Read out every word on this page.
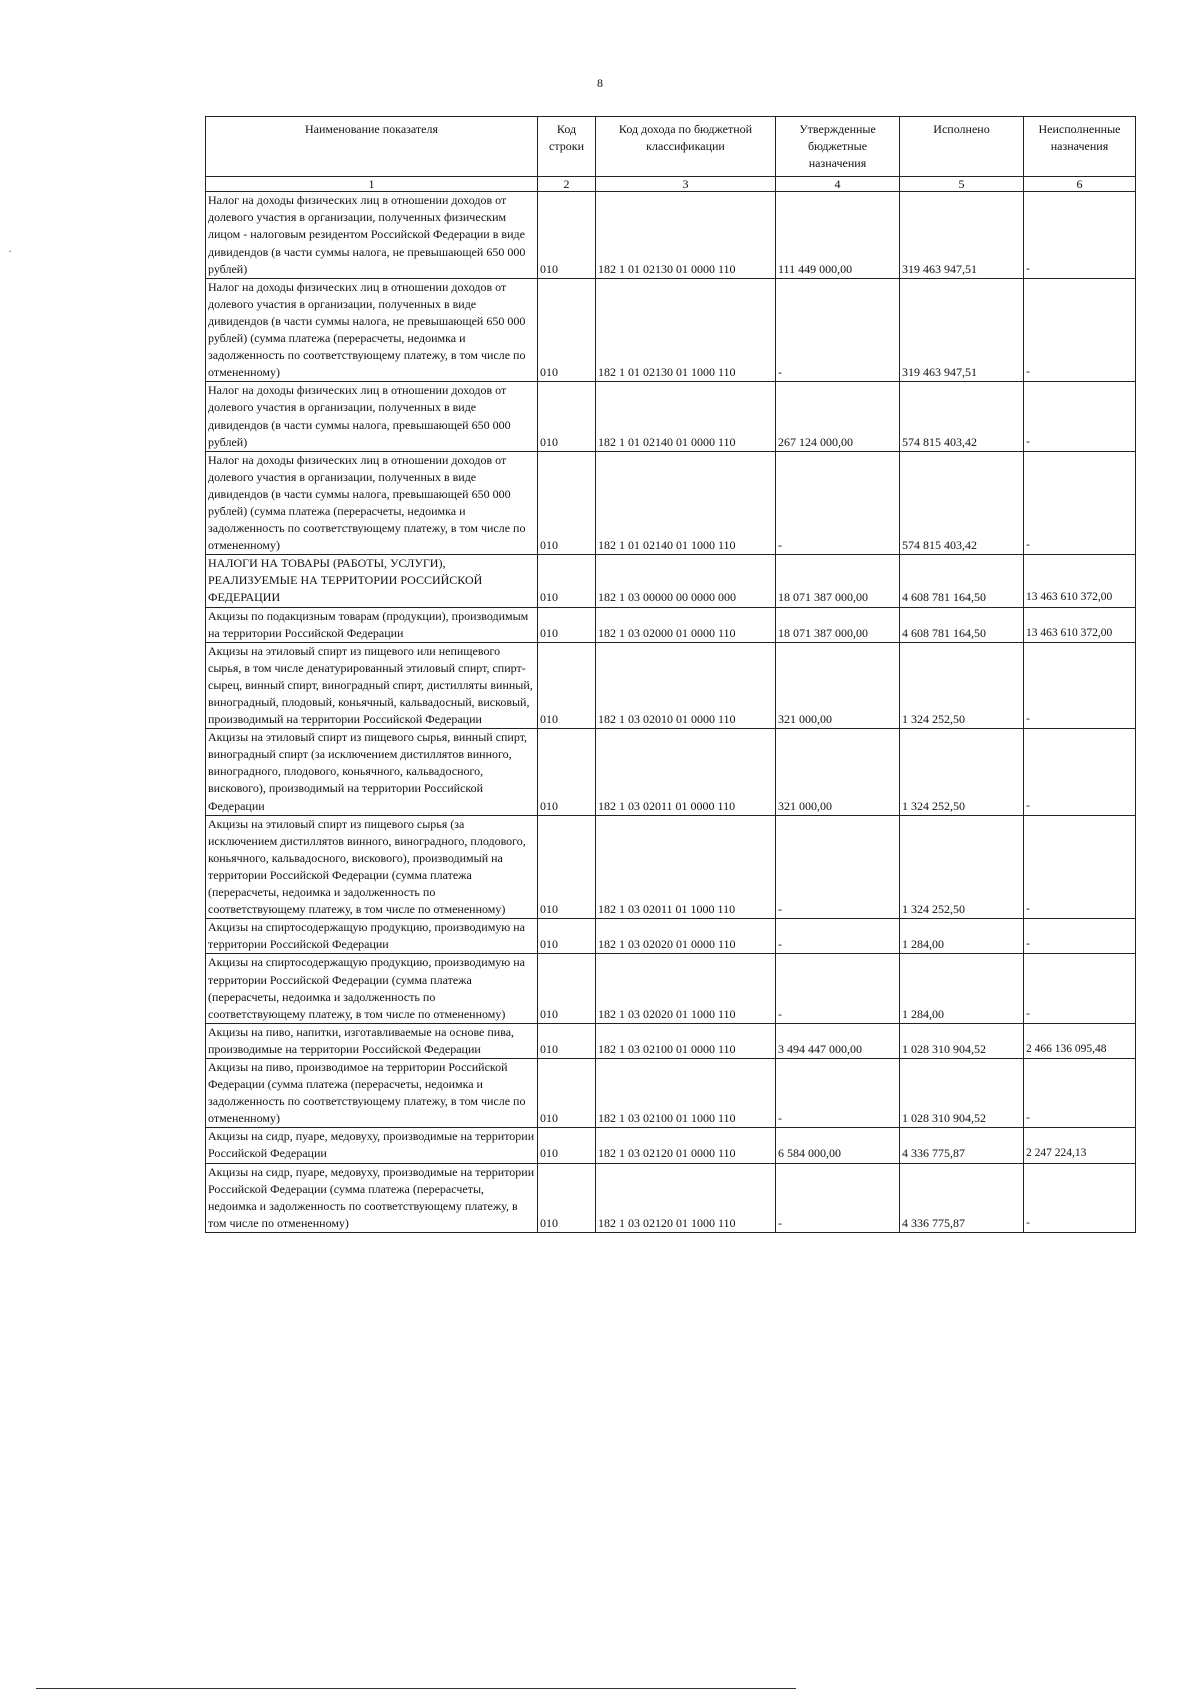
8
·
Наименование показателя	Код строки	Код дохода по бюджетной классификации	Утвержденные бюджетные назначения	Исполнено	Неисполненные назначения
1	2	3	4	5	6
Налог на доходы физических лиц в отношении доходов от долевого участия в организации, полученных физическим лицом - налоговым резидентом Российской Федерации в виде дивидендов (в части суммы налога, не превышающей 650 000 рублей)	010	182 1 01 02130 01 0000 110	111 449 000,00	319 463 947,51	-
Налог на доходы физических лиц в отношении доходов от долевого участия в организации, полученных в виде дивидендов (в части суммы налога, не превышающей 650 000 рублей) (сумма платежа (перерасчеты, недоимка и задолженность по соответствующему платежу, в том числе по отмененному)	010	182 1 01 02130 01 1000 110	-	319 463 947,51	-
Налог на доходы физических лиц в отношении доходов от долевого участия в организации, полученных в виде дивидендов (в части суммы налога, превышающей 650 000 рублей)	010	182 1 01 02140 01 0000 110	267 124 000,00	574 815 403,42	-
Налог на доходы физических лиц в отношении доходов от долевого участия в организации, полученных в виде дивидендов (в части суммы налога, превышающей 650 000 рублей) (сумма платежа (перерасчеты, недоимка и задолженность по соответствующему платежу, в том числе по отмененному)	010	182 1 01 02140 01 1000 110	-	574 815 403,42	-
НАЛОГИ НА ТОВАРЫ (РАБОТЫ, УСЛУГИ), РЕАЛИЗУЕМЫЕ НА ТЕРРИТОРИИ РОССИЙСКОЙ ФЕДЕРАЦИИ	010	182 1 03 00000 00 0000 000	18 071 387 000,00	4 608 781 164,50	13 463 610 372,00
Акцизы по подакцизным товарам (продукции), производимым на территории Российской Федерации	010	182 1 03 02000 01 0000 110	18 071 387 000,00	4 608 781 164,50	13 463 610 372,00
Акцизы на этиловый спирт из пищевого или непищевого сырья, в том числе денатурированный этиловый спирт, спирт-сырец, винный спирт, виноградный спирт, дистилляты винный, виноградный, плодовый, коньячный, кальвадосный, висковый, производимый на территории Российской Федерации	010	182 1 03 02010 01 0000 110	321 000,00	1 324 252,50	-
Акцизы на этиловый спирт из пищевого сырья, винный спирт, виноградный спирт (за исключением дистиллятов винного, виноградного, плодового, коньячного, кальвадосного, вискового), производимый на территории Российской Федерации	010	182 1 03 02011 01 0000 110	321 000,00	1 324 252,50	-
Акцизы на этиловый спирт из пищевого сырья (за исключением дистиллятов винного, виноградного, плодового, коньячного, кальвадосного, вискового), производимый на территории Российской Федерации (сумма платежа (перерасчеты, недоимка и задолженность по соответствующему платежу, в том числе по отмененному)	010	182 1 03 02011 01 1000 110	-	1 324 252,50	-
Акцизы на спиртосодержащую продукцию, производимую на территории Российской Федерации	010	182 1 03 02020 01 0000 110	-	1 284,00	-
Акцизы на спиртосодержащую продукцию, производимую на территории Российской Федерации (сумма платежа (перерасчеты, недоимка и задолженность по соответствующему платежу, в том числе по отмененному)	010	182 1 03 02020 01 1000 110	-	1 284,00	-
Акцизы на пиво, напитки, изготавливаемые на основе пива, производимые на территории Российской Федерации	010	182 1 03 02100 01 0000 110	3 494 447 000,00	1 028 310 904,52	2 466 136 095,48
Акцизы на пиво, производимое на территории Российской Федерации (сумма платежа (перерасчеты, недоимка и задолженность по соответствующему платежу, в том числе по отмененному)	010	182 1 03 02100 01 1000 110	-	1 028 310 904,52	-
Акцизы на сидр, пуаре, медовуху, производимые на территории Российской Федерации	010	182 1 03 02120 01 0000 110	6 584 000,00	4 336 775,87	2 247 224,13
Акцизы на сидр, пуаре, медовуху, производимые на территории Российской Федерации (сумма платежа (перерасчеты, недоимка и задолженность по соответствующему платежу, в том числе по отмененному)	010	182 1 03 02120 01 1000 110	-	4 336 775,87	-
